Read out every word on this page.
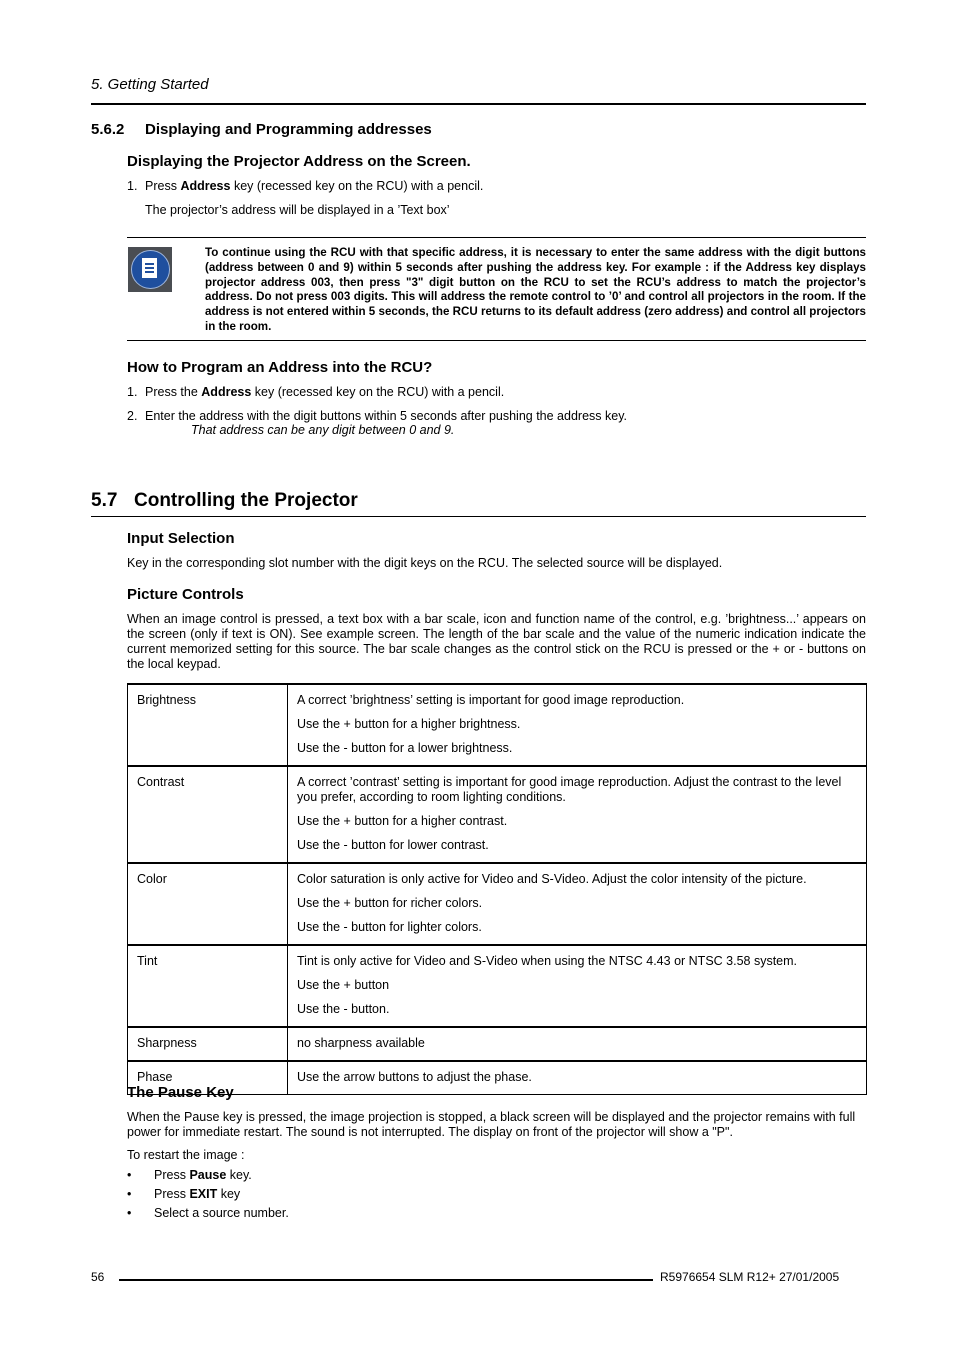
5. Getting Started
5.6.2 Displaying and Programming addresses
Displaying the Projector Address on the Screen.
1. Press Address key (recessed key on the RCU) with a pencil.
The projector’s address will be displayed in a ’Text box’
To continue using the RCU with that specific address, it is necessary to enter the same address with the digit buttons (address between 0 and 9) within 5 seconds after pushing the address key. For example : if the Address key displays projector address 003, then press "3" digit button on the RCU to set the RCU’s address to match the projector’s address. Do not press 003 digits. This will address the remote control to ’0’ and control all projectors in the room. If the address is not entered within 5 seconds, the RCU returns to its default address (zero address) and control all projectors in the room.
How to Program an Address into the RCU?
1. Press the Address key (recessed key on the RCU) with a pencil.
2. Enter the address with the digit buttons within 5 seconds after pushing the address key.
That address can be any digit between 0 and 9.
5.7 Controlling the Projector
Input Selection
Key in the corresponding slot number with the digit keys on the RCU. The selected source will be displayed.
Picture Controls
When an image control is pressed, a text box with a bar scale, icon and function name of the control, e.g. ’brightness...’ appears on the screen (only if text is ON). See example screen. The length of the bar scale and the value of the numeric indication indicate the current memorized setting for this source. The bar scale changes as the control stick on the RCU is pressed or the + or - buttons on the local keypad.
Brightness	A correct ’brightness’ setting is important for good image reproduction.
Use the + button for a higher brightness.
Use the - button for a lower brightness.

Contrast	A correct ’contrast’ setting is important for good image reproduction. Adjust the contrast to the level you prefer, according to room lighting conditions.
Use the + button for a higher contrast.
Use the - button for lower contrast.

Color	Color saturation is only active for Video and S-Video. Adjust the color intensity of the picture.
Use the + button for richer colors.
Use the - button for lighter colors.

Tint	Tint is only active for Video and S-Video when using the NTSC 4.43 or NTSC 3.58 system.
Use the + button
Use the - button.

Sharpness	no sharpness available

Phase	Use the arrow buttons to adjust the phase.
The Pause Key
When the Pause key is pressed, the image projection is stopped, a black screen will be displayed and the projector remains with full power for immediate restart. The sound is not interrupted. The display on front of the projector will show a "P".
To restart the image :
• Press Pause key.
• Press EXIT key
• Select a source number.
56	R5976654 SLM R12+ 27/01/2005
